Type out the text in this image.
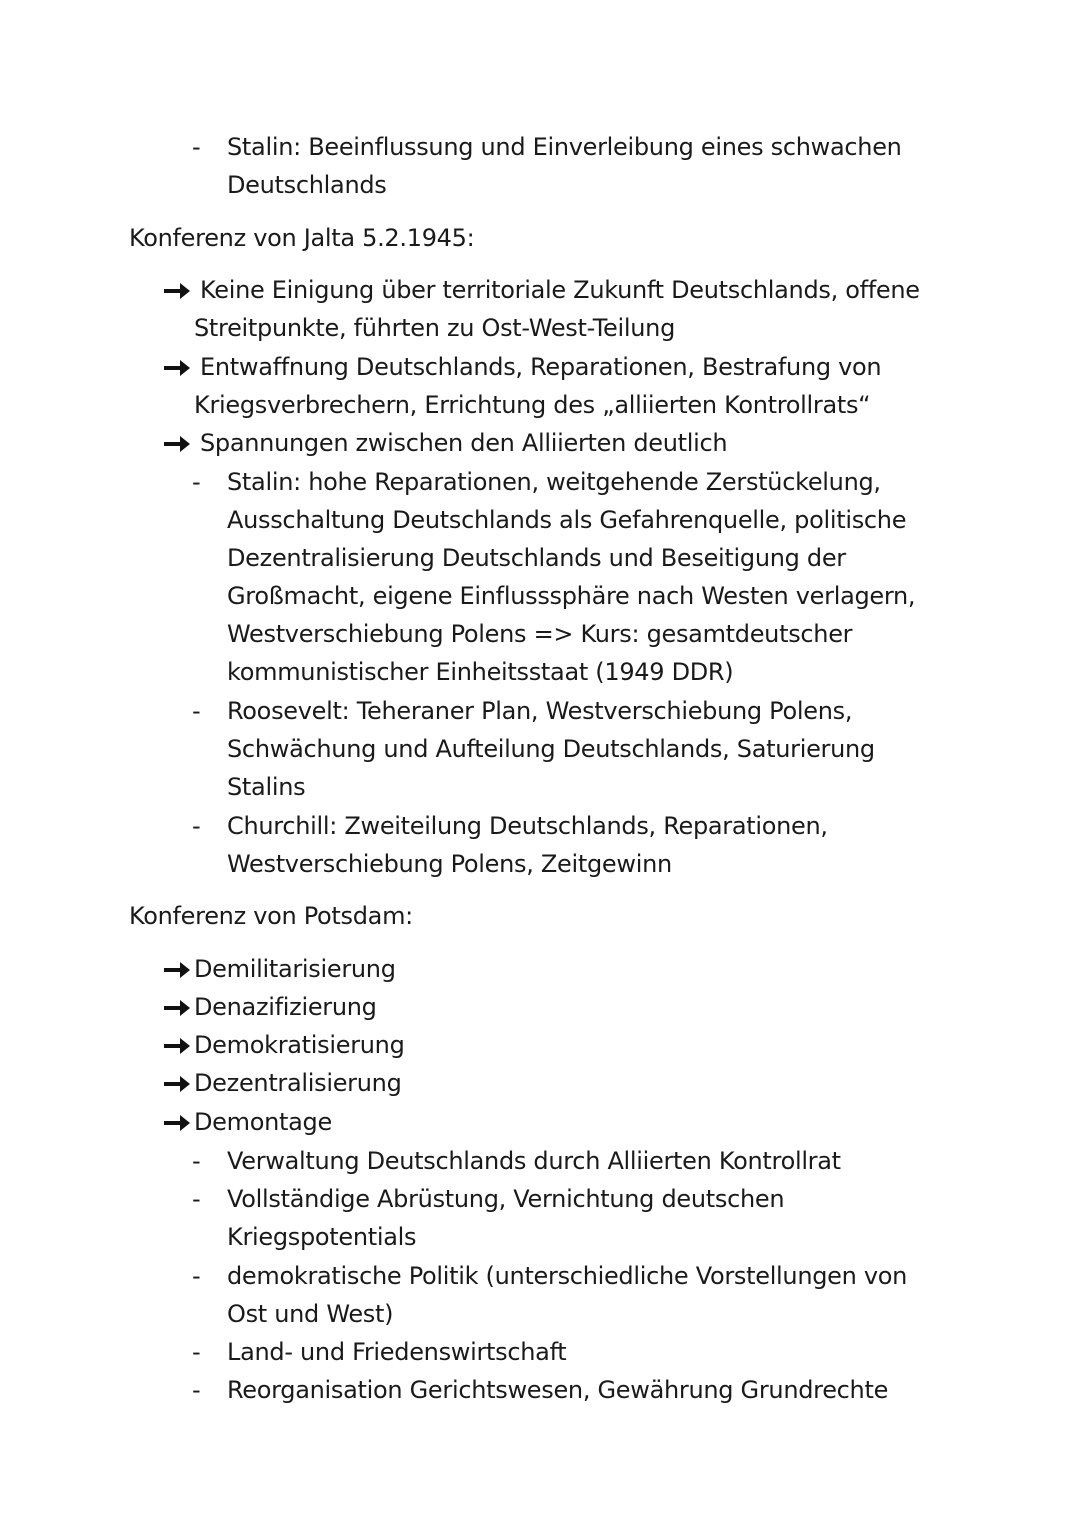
- Stalin: Beeinflussung und Einverleibung eines schwachen
Deutschlands
Konferenz von Jalta 5.2.1945:
Keine Einigung über territoriale Zukunft Deutschlands, offene
Streitpunkte, führten zu Ost-West-Teilung
Entwaffnung Deutschlands, Reparationen, Bestrafung von
Kriegsverbrechern, Errichtung des „alliierten Kontrollrats“
Spannungen zwischen den Alliierten deutlich
- Stalin: hohe Reparationen, weitgehende Zerstückelung,
Ausschaltung Deutschlands als Gefahrenquelle, politische
Dezentralisierung Deutschlands und Beseitigung der
Großmacht, eigene Einflusssphäre nach Westen verlagern,
Westverschiebung Polens => Kurs: gesamtdeutscher
kommunistischer Einheitsstaat (1949 DDR)
- Roosevelt: Teheraner Plan, Westverschiebung Polens,
Schwächung und Aufteilung Deutschlands, Saturierung
Stalins
- Churchill: Zweiteilung Deutschlands, Reparationen,
Westverschiebung Polens, Zeitgewinn
Konferenz von Potsdam:
Demilitarisierung
Denazifizierung
Demokratisierung
Dezentralisierung
Demontage
- Verwaltung Deutschlands durch Alliierten Kontrollrat
- Vollständige Abrüstung, Vernichtung deutschen
Kriegspotentials
- demokratische Politik (unterschiedliche Vorstellungen von
Ost und West)
- Land- und Friedenswirtschaft
- Reorganisation Gerichtswesen, Gewährung Grundrechte
